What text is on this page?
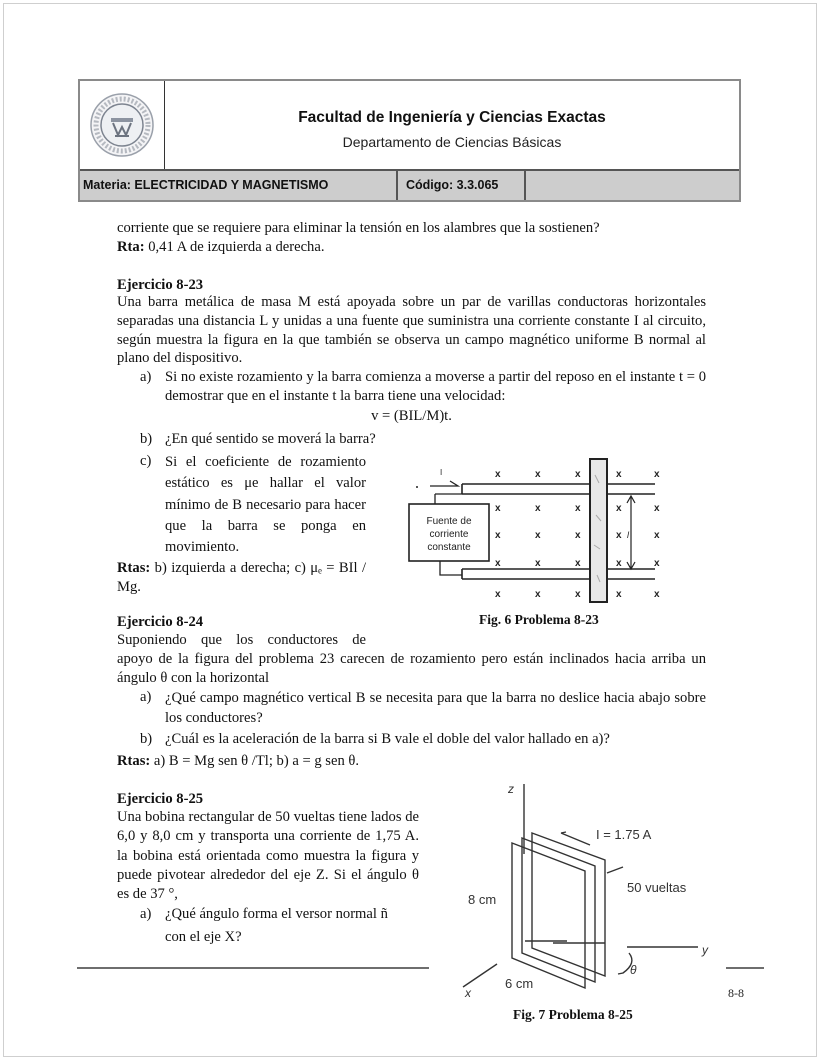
Facultad de Ingeniería y Ciencias Exactas
Departamento de Ciencias Básicas
Materia: ELECTRICIDAD Y MAGNETISMO	Código: 3.3.065
corriente que se requiere para eliminar la tensión en los alambres que la sostienen?
Rta: 0,41 A de izquierda a derecha.
Ejercicio 8-23
Una barra metálica de masa M está apoyada sobre un par de varillas conductoras horizontales separadas una distancia L y unidas a una fuente que suministra una corriente constante I al circuito, según muestra la figura en la que también se observa un campo magnético uniforme B normal al plano del dispositivo.
a) Si no existe rozamiento y la barra comienza a moverse a partir del reposo en el instante t = 0 demostrar que en el instante t la barra tiene una velocidad:
v = (BIL/M)t.
b) ¿En qué sentido se moverá la barra?
c) Si el coeficiente de rozamiento estático es μe hallar el valor mínimo de B necesario para hacer que la barra se ponga en movimiento.
Rtas: b) izquierda a derecha; c) μₑ = BIl / Mg.
x	x	x	x	x
x	x	x	x	x
x	x	x	x	x
x	x	x	x	x
x	x	x	x	x
I
Fuente de
corriente
constante
l
Fig. 6 Problema 8-23
Ejercicio 8-24
Suponiendo que los conductores de
apoyo de la figura del problema 23 carecen de rozamiento pero están inclinados hacia arriba un ángulo θ con la horizontal
a) ¿Qué campo magnético vertical B se necesita para que la barra no deslice hacia abajo sobre los conductores?
b) ¿Cuál es la aceleración de la barra si B vale el doble del valor hallado en a)?
Rtas: a) B = Mg sen θ /Tl; b) a = g sen θ.
Ejercicio 8-25
Una bobina rectangular de 50 vueltas tiene lados de 6,0 y 8,0 cm y transporta una corriente de 1,75 A. la bobina está orientada como muestra la figura y puede pivotear alrededor del eje Z. Si el ángulo θ es de 37 °,
a) ¿Qué ángulo forma el versor normal ñ
con el eje X?
z
y
x
I = 1.75 A
50 vueltas
8 cm
6 cm
θ
Fig. 7 Problema 8-25
8-8
